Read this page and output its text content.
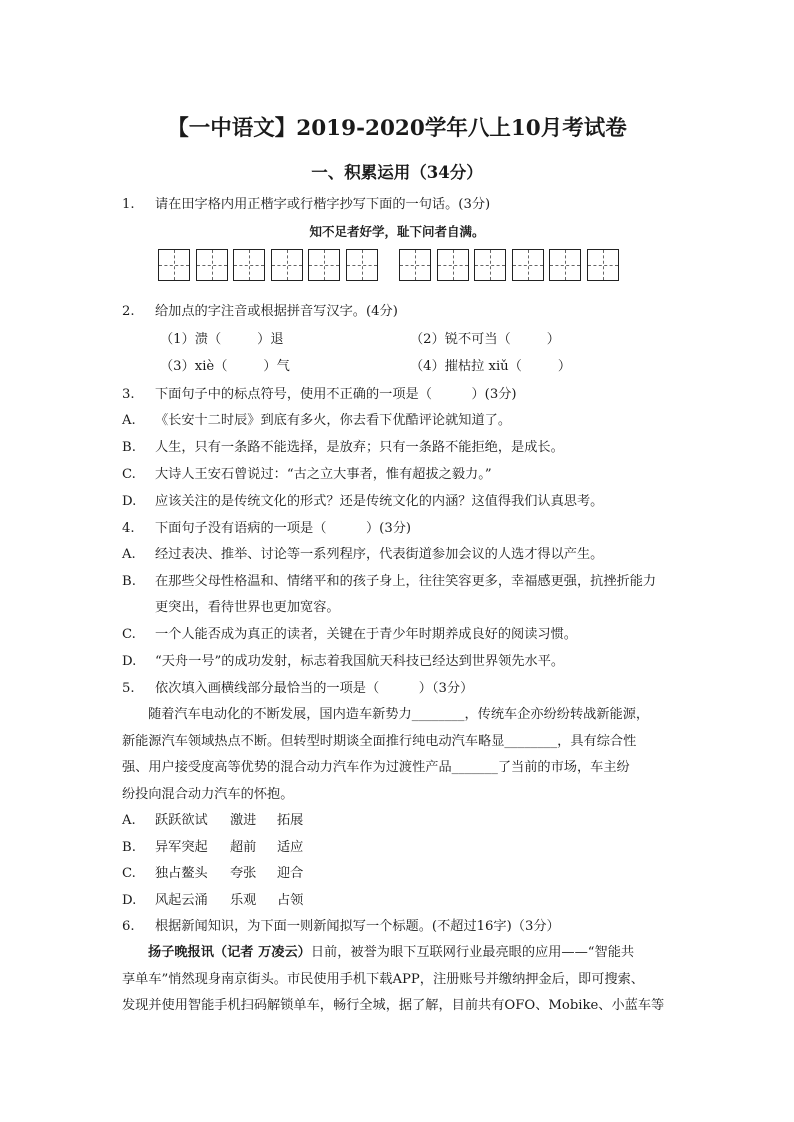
【一中语文】2019-2020学年八上10月考试卷
一、积累运用（34分）
1. 请在田字格内用正楷字或行楷字抄写下面的一句话。(3分)
知不足者好学，耻下问者自满。
2. 给加点的字注音或根据拼音写汉字。(4分)
（1）溃（	）退	（2）锐不可当（	）
（3）xiè（	）气	（4）摧枯拉 xiǔ（	）
3. 下面句子中的标点符号，使用不正确的一项是（　　　）(3分)
A. 《长安十二时辰》到底有多火，你去看下优酷评论就知道了。
B. 人生，只有一条路不能选择，是放弃；只有一条路不能拒绝，是成长。
C. 大诗人王安石曾说过：“古之立大事者，惟有超拔之毅力。”
D. 应该关注的是传统文化的形式？还是传统文化的内涵？这值得我们认真思考。
4. 下面句子没有语病的一项是（　　　）(3分)
A. 经过表决、推举、讨论等一系列程序，代表街道参加会议的人选才得以产生。
B. 在那些父母性格温和、情绪平和的孩子身上，往往笑容更多，幸福感更强，抗挫折能力
更突出，看待世界也更加宽容。
C. 一个人能否成为真正的读者，关键在于青少年时期养成良好的阅读习惯。
D. “天舟一号”的成功发射，标志着我国航天科技已经达到世界领先水平。
5. 依次填入画横线部分最恰当的一项是（　　　）（3分）
随着汽车电动化的不断发展，国内造车新势力________，传统车企亦纷纷转战新能源，
新能源汽车领域热点不断。但转型时期谈全面推行纯电动汽车略显________，具有综合性
强、用户接受度高等优势的混合动力汽车作为过渡性产品_______了当前的市场，车主纷
纷投向混合动力汽车的怀抱。
A. 跃跃欲试 激进 拓展
B. 异军突起 超前 适应
C. 独占鳌头 夸张 迎合
D. 风起云涌 乐观 占领
6. 根据新闻知识，为下面一则新闻拟写一个标题。(不超过16字)（3分）
扬子晚报讯（记者 万凌云）日前，被誉为眼下互联网行业最亮眼的应用——“智能共
享单车”悄然现身南京街头。市民使用手机下载APP，注册账号并缴纳押金后，即可搜索、
发现并使用智能手机扫码解锁单车，畅行全城，据了解，目前共有OFO、Mobike、小蓝车等
